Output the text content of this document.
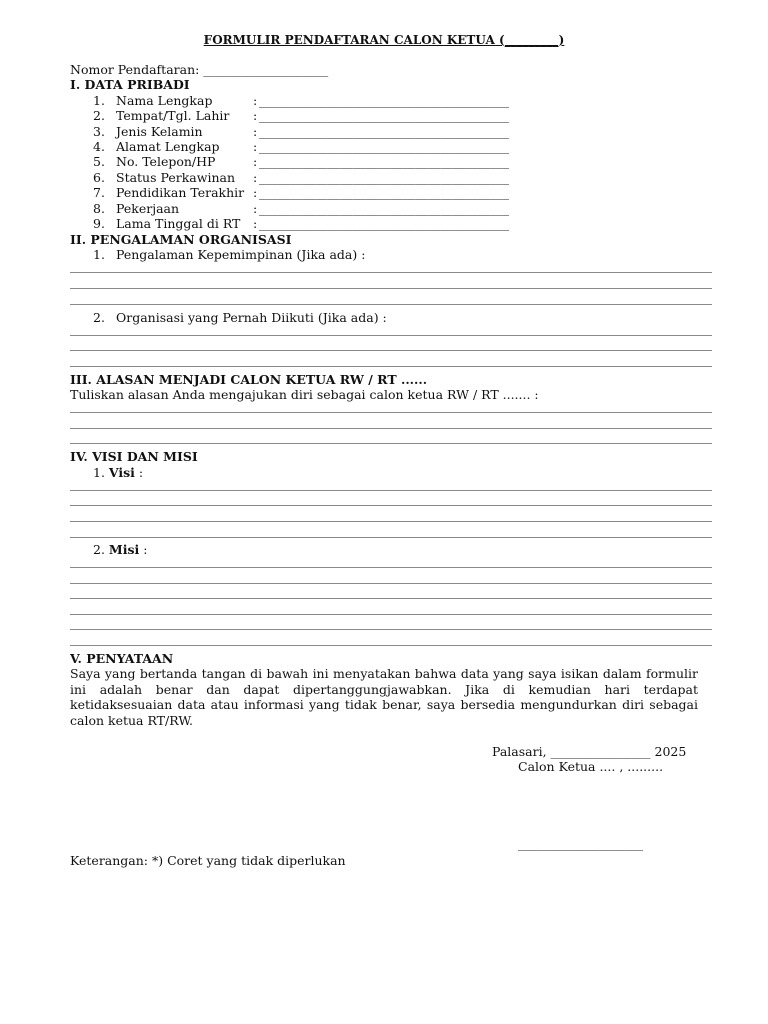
FORMULIR PENDAFTARAN CALON KETUA (_________)
Nomor Pendaftaran: ____________________
I. DATA PRIBADI
1. Nama Lengkap	: ________________________________________
2. Tempat/Tgl. Lahir : ________________________________________
3. Jenis Kelamin	: ________________________________________
4. Alamat Lengkap	: ________________________________________
5. No. Telepon/HP	: ________________________________________
6. Status Perkawinan : ________________________________________
7. Pendidikan Terakhir : ________________________________________
8. Pekerjaan	: ________________________________________
9. Lama Tinggal di RT : ________________________________________
II. PENGALAMAN ORGANISASI
1. Pengalaman Kepemimpinan (Jika ada) :
2. Organisasi yang Pernah Diikuti (Jika ada) :
III. ALASAN MENJADI CALON KETUA RW / RT ......
Tuliskan alasan Anda mengajukan diri sebagai calon ketua RW / RT ....... :
IV. VISI DAN MISI
1. Visi :
2. Misi :
V. PENYATAAN
Saya yang bertanda tangan di bawah ini menyatakan bahwa data yang saya isikan dalam formulir
ini adalah benar dan dapat dipertanggungjawabkan. Jika di kemudian hari terdapat
ketidaksesuaian data atau informasi yang tidak benar, saya bersedia mengundurkan diri sebagai
calon ketua RT/RW.
Palasari, ________________ 2025
Calon Ketua .... , .........
____________________
Keterangan: *) Coret yang tidak diperlukan
